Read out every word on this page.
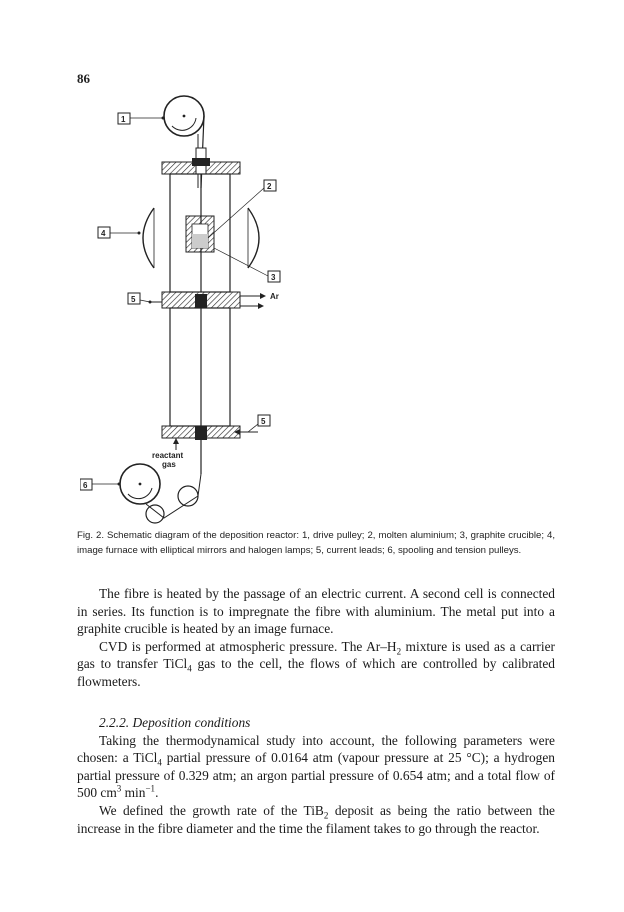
86
1
4
2
3
Ar
5
5
reactant
gas
6
Fig. 2. Schematic diagram of the deposition reactor: 1, drive pulley; 2, molten aluminium; 3, graphite crucible; 4, image furnace with elliptical mirrors and halogen lamps; 5, current leads; 6, spooling and tension pulleys.

The fibre is heated by the passage of an electric current. A second cell is connected in series. Its function is to impregnate the fibre with aluminium. The metal put into a graphite crucible is heated by an image furnace.

CVD is performed at atmospheric pressure. The $Ar-H_2$ mixture is used as a carrier gas to transfer TiCl$_4$ gas to the cell, the flows of which are controlled by calibrated flowmeters.

2.2.2. Deposition conditions

Taking the thermodynamical study into account, the following parameters were chosen: a TiCl$_4$ partial pressure of 0.0164 atm (vapour pressure at 25 °C); a hydrogen partial pressure of 0.329 atm; an argon partial pressure of 0.654 atm; and a total flow of 500 $cm^3$ $\min^{-1}$.

We defined the growth rate of the TiB$_2$ deposit as being the ratio between the increase in the fibre diameter and the time the filament takes to go through the reactor.
